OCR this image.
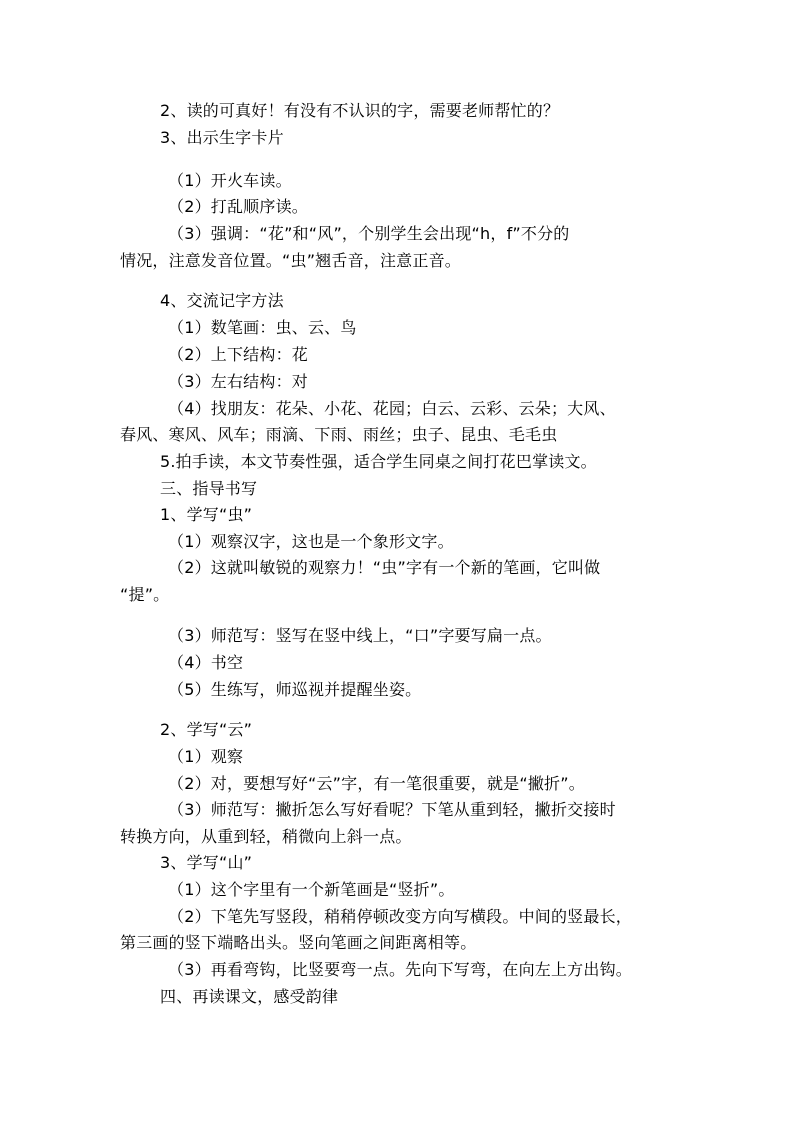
2、读的可真好！有没有不认识的字，需要老师帮忙的？
3、出示生字卡片
（1）开火车读。
（2）打乱顺序读。
（3）强调：“花”和“风”，个别学生会出现“h，f”不分的
情况，注意发音位置。“虫”翘舌音，注意正音。
4、交流记字方法
（1）数笔画：虫、云、鸟
（2）上下结构：花
（3）左右结构：对
（4）找朋友：花朵、小花、花园；白云、云彩、云朵；大风、
春风、寒风、风车；雨滴、下雨、雨丝；虫子、昆虫、毛毛虫
5.拍手读，本文节奏性强，适合学生同桌之间打花巴掌读文。
三、指导书写
1、学写“虫”
（1）观察汉字，这也是一个象形文字。
（2）这就叫敏锐的观察力！“虫”字有一个新的笔画，它叫做
“提”。
（3）师范写：竖写在竖中线上，“口”字要写扁一点。
（4）书空
（5）生练写，师巡视并提醒坐姿。
2、学写“云”
（1）观察
（2）对，要想写好“云”字，有一笔很重要，就是“撇折”。
（3）师范写：撇折怎么写好看呢？下笔从重到轻，撇折交接时
转换方向，从重到轻，稍微向上斜一点。
3、学写“山”
（1）这个字里有一个新笔画是“竖折”。
（2）下笔先写竖段，稍稍停顿改变方向写横段。中间的竖最长，
第三画的竖下端略出头。竖向笔画之间距离相等。
（3）再看弯钩，比竖要弯一点。先向下写弯，在向左上方出钩。
四、再读课文，感受韵律
